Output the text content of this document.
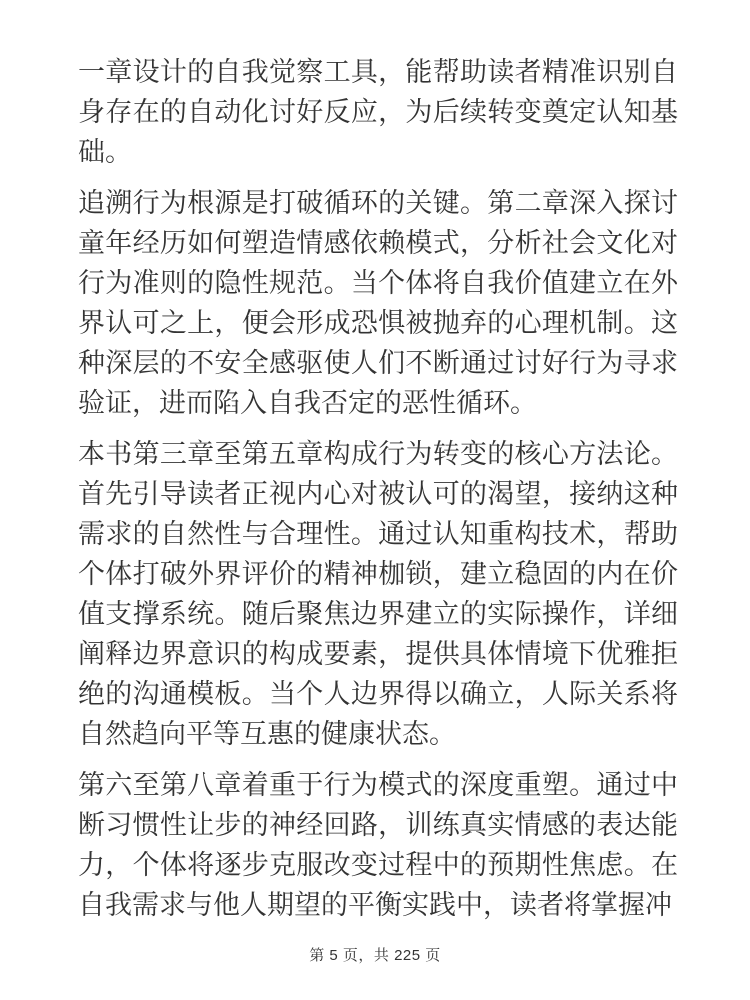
一章设计的自我觉察工具，能帮助读者精准识别自身存在的自动化讨好反应，为后续转变奠定认知基础。

追溯行为根源是打破循环的关键。第二章深入探讨童年经历如何塑造情感依赖模式，分析社会文化对行为准则的隐性规范。当个体将自我价值建立在外界认可之上，便会形成恐惧被抛弃的心理机制。这种深层的不安全感驱使人们不断通过讨好行为寻求验证，进而陷入自我否定的恶性循环。

本书第三章至第五章构成行为转变的核心方法论。首先引导读者正视内心对被认可的渴望，接纳这种需求的自然性与合理性。通过认知重构技术，帮助个体打破外界评价的精神枷锁，建立稳固的内在价值支撑系统。随后聚焦边界建立的实际操作，详细阐释边界意识的构成要素，提供具体情境下优雅拒绝的沟通模板。当个人边界得以确立，人际关系将自然趋向平等互惠的健康状态。

第六至第八章着重于行为模式的深度重塑。通过中断习惯性让步的神经回路，训练真实情感的表达能力，个体将逐步克服改变过程中的预期性焦虑。在自我需求与他人期望的平衡实践中，读者将掌握冲

第 5 页，共 225 页
